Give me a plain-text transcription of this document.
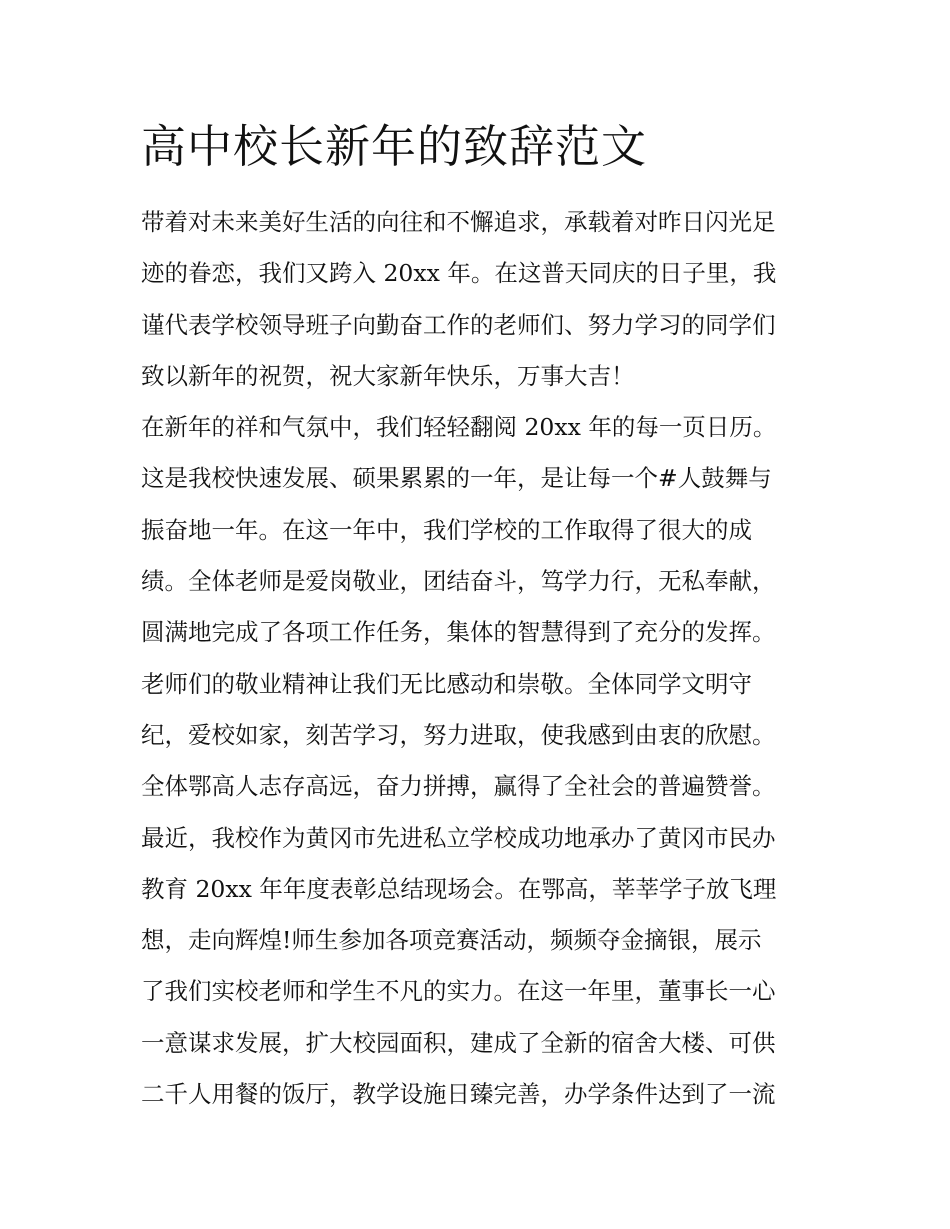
高中校长新年的致辞范文
带着对未来美好生活的向往和不懈追求，承载着对昨日闪光足
迹的眷恋，我们又跨入 20xx 年。在这普天同庆的日子里，我
谨代表学校领导班子向勤奋工作的老师们、努力学习的同学们
致以新年的祝贺，祝大家新年快乐，万事大吉！
在新年的祥和气氛中，我们轻轻翻阅 20xx 年的每一页日历。
这是我校快速发展、硕果累累的一年，是让每一个#人鼓舞与
振奋地一年。在这一年中，我们学校的工作取得了很大的成
绩。全体老师是爱岗敬业，团结奋斗，笃学力行，无私奉献，
圆满地完成了各项工作任务，集体的智慧得到了充分的发挥。
老师们的敬业精神让我们无比感动和崇敬。全体同学文明守
纪，爱校如家，刻苦学习，努力进取，使我感到由衷的欣慰。
全体鄂高人志存高远，奋力拼搏，赢得了全社会的普遍赞誉。
最近，我校作为黄冈市先进私立学校成功地承办了黄冈市民办
教育 20xx 年年度表彰总结现场会。在鄂高，莘莘学子放飞理
想，走向辉煌!师生参加各项竞赛活动，频频夺金摘银，展示
了我们实校老师和学生不凡的实力。在这一年里，董事长一心
一意谋求发展，扩大校园面积，建成了全新的宿舍大楼、可供
二千人用餐的饭厅，教学设施日臻完善，办学条件达到了一流
